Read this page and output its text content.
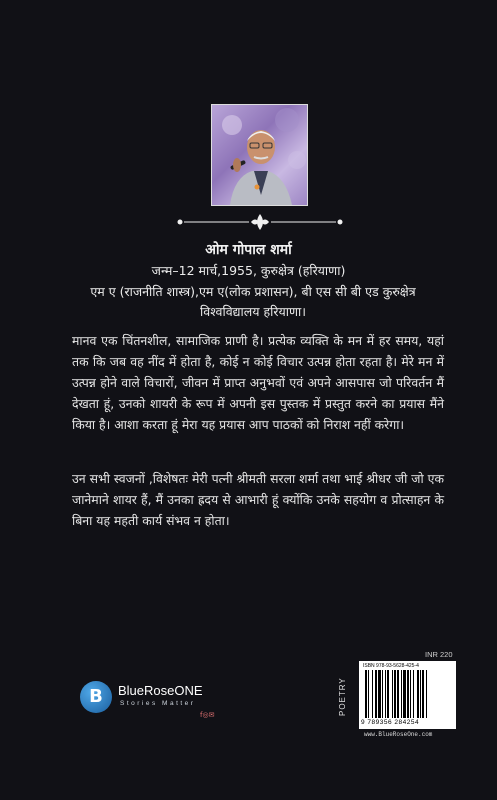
ओम गोपाल शर्मा
जन्म–12 मार्च,1955, कुरुक्षेत्र (हरियाणा)
एम ए (राजनीति शास्त्र),एम ए(लोक प्रशासन), बी एस सी बी एड कुरुक्षेत्र विश्वविद्यालय हरियाणा।
मानव एक चिंतनशील, सामाजिक प्राणी है। प्रत्येक व्यक्ति के मन में हर समय, यहां तक कि जब वह नींद में होता है, कोई न कोई विचार उत्पन्न होता रहता है। मेरे मन में उत्पन्न होने वाले विचारों, जीवन में प्राप्त अनुभवों एवं अपने आसपास जो परिवर्तन मैं देखता हूं, उनको शायरी के रूप में अपनी इस पुस्तक में प्रस्तुत करने का प्रयास मैंने किया है। आशा करता हूं मेरा यह प्रयास आप पाठकों को निराश नहीं करेगा।
उन सभी स्वजनों ,विशेषतः मेरी पत्नी श्रीमती सरला शर्मा तथा भाई श्रीधर जी जो एक जानेमाने शायर हैं, मैं उनका ह्रदय से आभारी हूं क्योंकि उनके सहयोग व प्रोत्साहन के बिना यह महती कार्य संभव न होता।
B	BlueRoseONE
Stories Matter
f◎✉
INR 220
POETRY
ISBN 978-93-5628-425-4
9 789356 284254
www.BlueRoseOne.com
